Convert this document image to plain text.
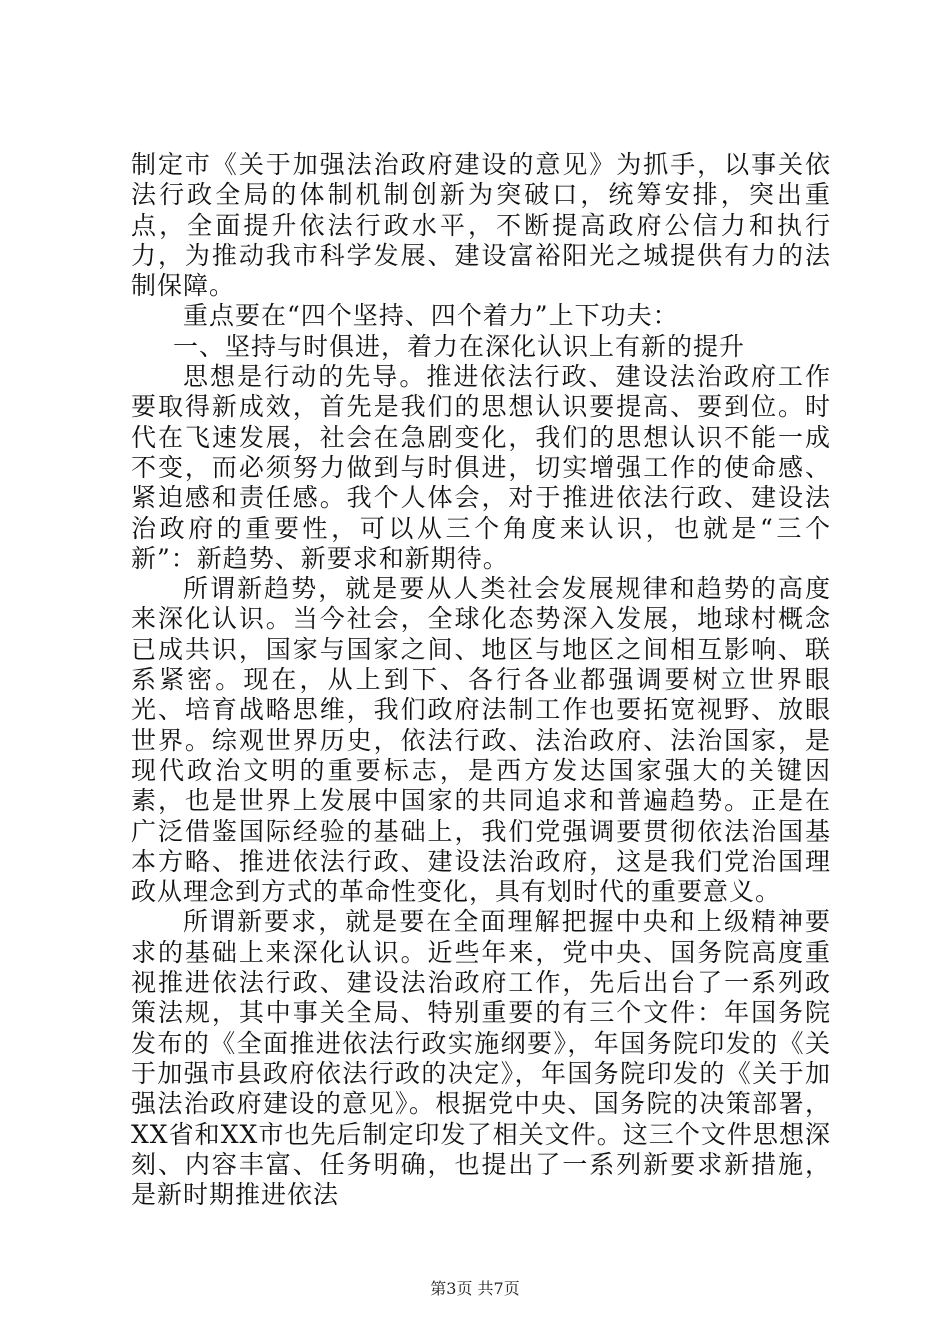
制定市《关于加强法治政府建设的意见》为抓手，以事关依法行政全局的体制机制创新为突破口，统筹安排，突出重点，全面提升依法行政水平，不断提高政府公信力和执行力，为推动我市科学发展、建设富裕阳光之城提供有力的法制保障。

重点要在“四个坚持、四个着力”上下功夫：

一、坚持与时俱进，着力在深化认识上有新的提升

思想是行动的先导。推进依法行政、建设法治政府工作要取得新成效，首先是我们的思想认识要提高、要到位。时代在飞速发展，社会在急剧变化，我们的思想认识不能一成不变，而必须努力做到与时俱进，切实增强工作的使命感、紧迫感和责任感。我个人体会，对于推进依法行政、建设法治政府的重要性，可以从三个角度来认识，也就是“三个新”：新趋势、新要求和新期待。

所谓新趋势，就是要从人类社会发展规律和趋势的高度来深化认识。当今社会，全球化态势深入发展，地球村概念已成共识，国家与国家之间、地区与地区之间相互影响、联系紧密。现在，从上到下、各行各业都强调要树立世界眼光、培育战略思维，我们政府法制工作也要拓宽视野、放眼世界。综观世界历史，依法行政、法治政府、法治国家，是现代政治文明的重要标志，是西方发达国家强大的关键因素，也是世界上发展中国家的共同追求和普遍趋势。正是在广泛借鉴国际经验的基础上，我们党强调要贯彻依法治国基本方略、推进依法行政、建设法治政府，这是我们党治国理政从理念到方式的革命性变化，具有划时代的重要意义。

所谓新要求，就是要在全面理解把握中央和上级精神要求的基础上来深化认识。近些年来，党中央、国务院高度重视推进依法行政、建设法治政府工作，先后出台了一系列政策法规，其中事关全局、特别重要的有三个文件：年国务院发布的《全面推进依法行政实施纲要》，年国务院印发的《关于加强市县政府依法行政的决定》，年国务院印发的《关于加强法治政府建设的意见》。根据党中央、国务院的决策部署，XX省和XX市也先后制定印发了相关文件。这三个文件思想深刻、内容丰富、任务明确，也提出了一系列新要求新措施，是新时期推进依法

第3页 共7页
